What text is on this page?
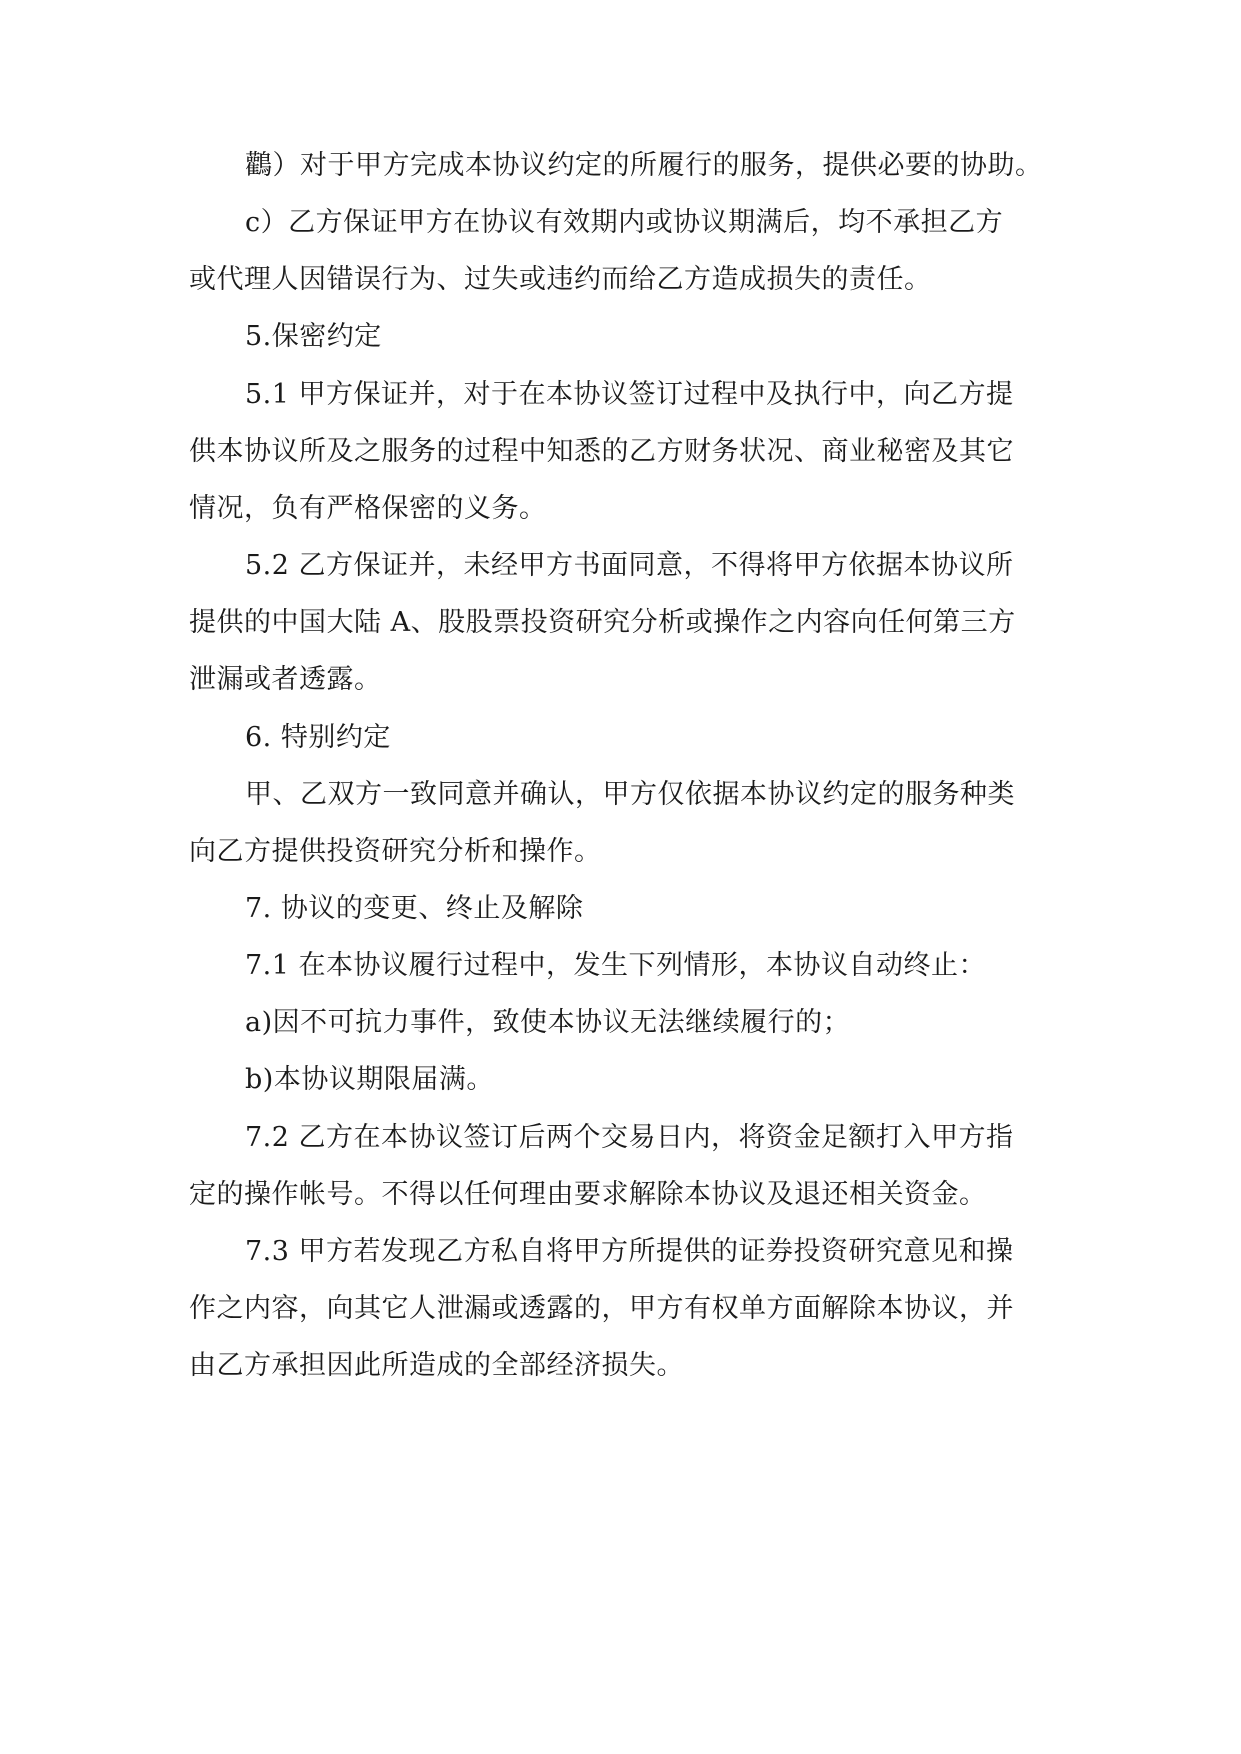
鸛）对于甲方完成本协议约定的所履行的服务，提供必要的协助。
c）乙方保证甲方在协议有效期内或协议期满后，均不承担乙方
或代理人因错误行为、过失或违约而给乙方造成损失的责任。
5.保密约定
5.1 甲方保证并，对于在本协议签订过程中及执行中，向乙方提
供本协议所及之服务的过程中知悉的乙方财务状况、商业秘密及其它
情况，负有严格保密的义务。
5.2 乙方保证并，未经甲方书面同意，不得将甲方依据本协议所
提供的中国大陆 A、股股票投资研究分析或操作之内容向任何第三方
泄漏或者透露。
6. 特别约定
甲、乙双方一致同意并确认，甲方仅依据本协议约定的服务种类
向乙方提供投资研究分析和操作。
7. 协议的变更、终止及解除
7.1 在本协议履行过程中，发生下列情形，本协议自动终止：
a)因不可抗力事件，致使本协议无法继续履行的；
b)本协议期限届满。
7.2 乙方在本协议签订后两个交易日内，将资金足额打入甲方指
定的操作帐号。不得以任何理由要求解除本协议及退还相关资金。
7.3 甲方若发现乙方私自将甲方所提供的证券投资研究意见和操
作之内容，向其它人泄漏或透露的，甲方有权单方面解除本协议，并
由乙方承担因此所造成的全部经济损失。
